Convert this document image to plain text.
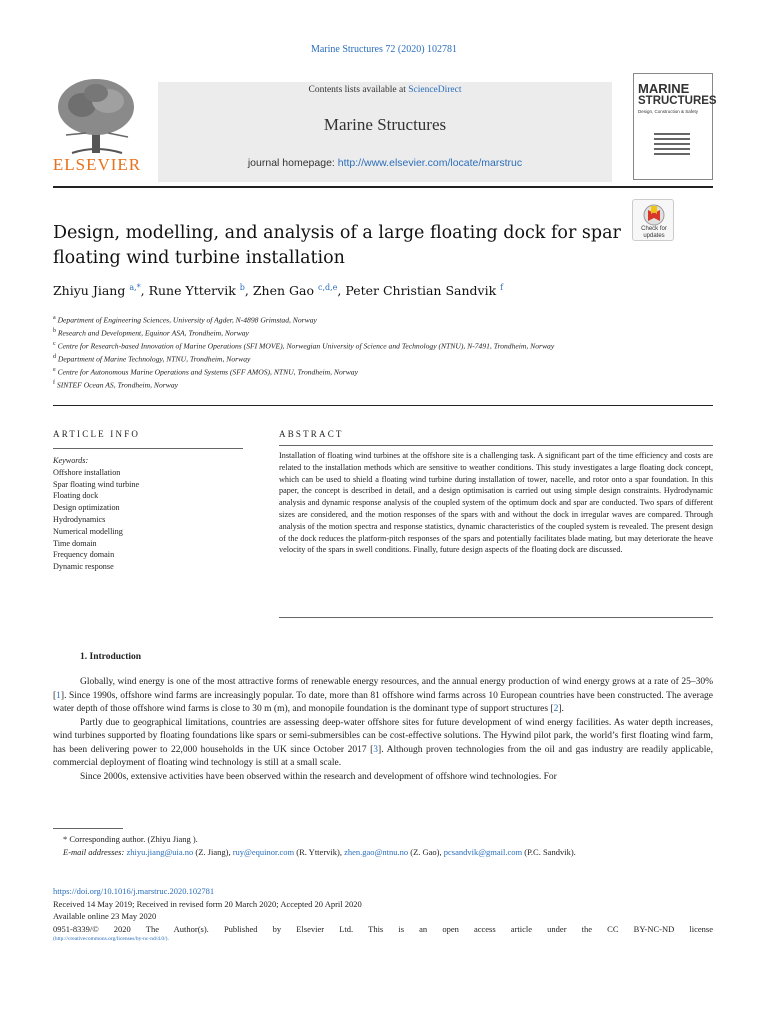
Marine Structures 72 (2020) 102781
ELSEVIER
Contents lists available at ScienceDirect
Marine Structures
journal homepage: http://www.elsevier.com/locate/marstruc
MARINE
STRUCTURES
Design, Construction & Safety
Design, modelling, and analysis of a large floating dock for spar floating wind turbine installation
Check for updates
Zhiyu Jiang $^{a,*}$, Rune Yttervik $^b$, Zhen Gao $^{c,d,e}$, Peter Christian Sandvik $^f$
$^a$ Department of Engineering Sciences, University of Agder, N-4898 Grimstad, Norway
$^b$ Research and Development, Equinor ASA, Trondheim, Norway
$^c$ Centre for Research-based Innovation of Marine Operations (SFI MOVE), Norwegian University of Science and Technology (NTNU), N-7491, Trondheim, Norway
$^d$ Department of Marine Technology, NTNU, Trondheim, Norway
$^e$ Centre for Autonomous Marine Operations and Systems (SFF AMOS), NTNU, Trondheim, Norway
$^f$ SINTEF Ocean AS, Trondheim, Norway
ARTICLE INFO	ABSTRACT
Keywords:
Offshore installation
Spar floating wind turbine
Floating dock
Design optimization
Hydrodynamics
Numerical modelling
Time domain
Frequency domain
Dynamic response
Installation of floating wind turbines at the offshore site is a challenging task. A significant part of the time efficiency and costs are related to the installation methods which are sensitive to weather conditions. This study investigates a large floating dock concept, which can be used to shield a floating wind turbine during installation of tower, nacelle, and rotor onto a spar foundation. In this paper, the concept is described in detail, and a design optimisation is carried out using simple design constraints. Hydrodynamic analysis and dynamic response analysis of the coupled system of the optimum dock and spar are conducted. Two spars of different sizes are considered, and the motion responses of the spars with and without the dock in irregular waves are compared. Through analysis of the motion spectra and response statistics, dynamic characteristics of the coupled system is revealed. The present design of the dock reduces the platform-pitch responses of the spars and potentially facilitates blade mating, but may deteriorate the heave velocity of the spars in swell conditions. Finally, future design aspects of the floating dock are discussed.
1. Introduction

Globally, wind energy is one of the most attractive forms of renewable energy resources, and the annual energy production of wind energy grows at a rate of 25–30% [1]. Since 1990s, offshore wind farms are increasingly popular. To date, more than 81 offshore wind farms across 10 European countries have been constructed. The average water depth of those offshore wind farms is close to 30 m (m), and monopile foundation is the dominant type of support structures [2].

Partly due to geographical limitations, countries are assessing deep-water offshore sites for future development of wind energy facilities. As water depth increases, wind turbines supported by floating foundations like spars or semi-submersibles can be cost-effective solutions. The Hywind pilot park, the world’s first floating wind farm, has been delivering power to 22,000 households in the UK since October 2017 [3]. Although proven technologies from the oil and gas industry are readily applicable, commercial deployment of floating wind technology is still at a small scale.

Since 2000s, extensive activities have been observed within the research and development of offshore wind technologies. For

* Corresponding author. (Zhiyu Jiang ).
E-mail addresses: zhiyu.jiang@uia.no (Z. Jiang), ruy@equinor.com (R. Yttervik), zhen.gao@ntnu.no (Z. Gao), pcsandvik@gmail.com (P.C. Sandvik).
https://doi.org/10.1016/j.marstruc.2020.102781
Received 14 May 2019; Received in revised form 20 March 2020; Accepted 20 April 2020
Available online 23 May 2020
0951-8339/© 2020 The Author(s). Published by Elsevier Ltd. This is an open access article under the CC BY-NC-ND license
(http://creativecommons.org/licenses/by-nc-nd/4.0/).
